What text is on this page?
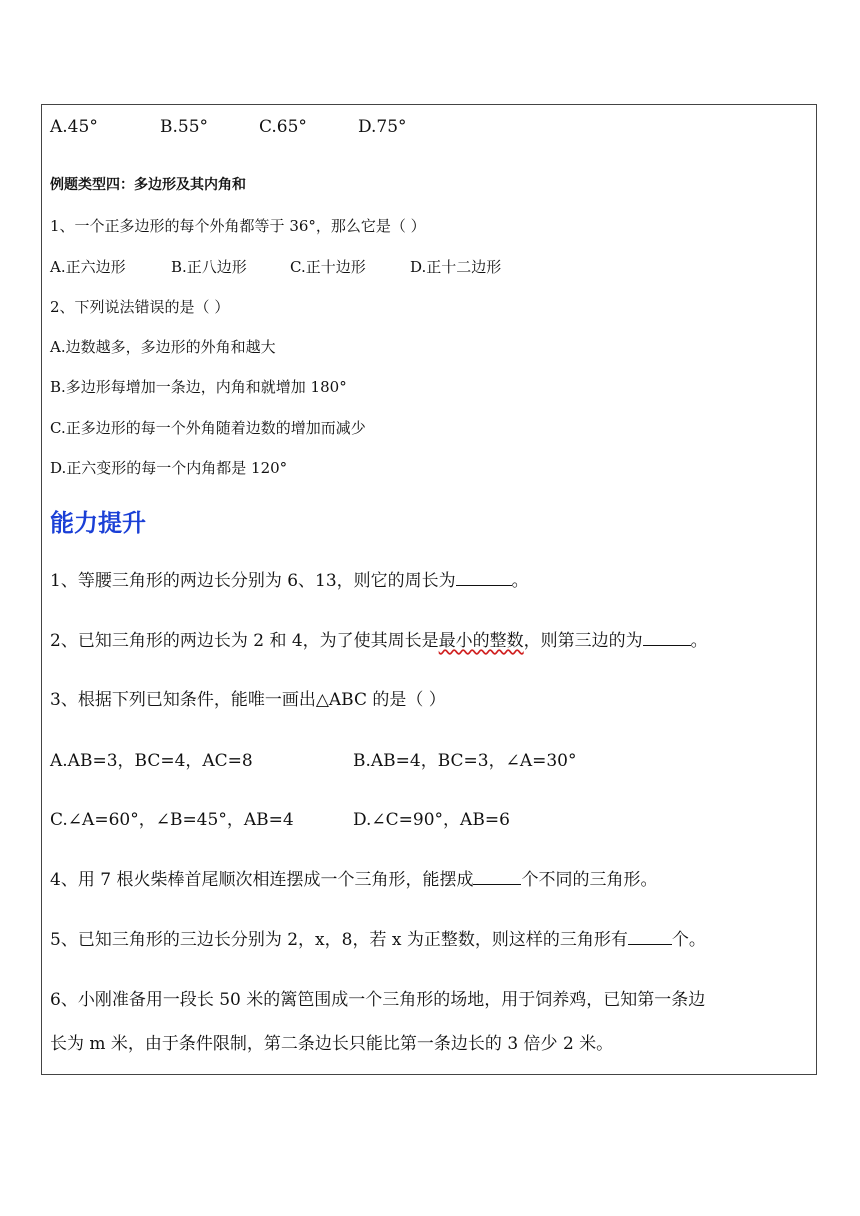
A.45°	B.55°	C.65°	D.75°
例题类型四：多边形及其内角和
1、一个正多边形的每个外角都等于 36°，那么它是（ ）
A.正六边形	B.正八边形	C.正十边形	D.正十二边形
2、下列说法错误的是（ ）
A.边数越多，多边形的外角和越大
B.多边形每增加一条边，内角和就增加 180°
C.正多边形的每一个外角随着边数的增加而减少
D.正六变形的每一个内角都是 120°
能力提升
1、等腰三角形的两边长分别为 6、13，则它的周长为	。
2、已知三角形的两边长为 2 和 4，为了使其周长是最小的整数，则第三边的为	。
3、根据下列已知条件，能唯一画出△ABC 的是（ ）
A.AB=3，BC=4，AC=8	B.AB=4，BC=3，∠A=30°
C.∠A=60°，∠B=45°，AB=4	D.∠C=90°，AB=6
4、用 7 根火柴棒首尾顺次相连摆成一个三角形，能摆成	个不同的三角形。
5、已知三角形的三边长分别为 2，x，8，若 x 为正整数，则这样的三角形有	个。
6、小刚准备用一段长 50 米的篱笆围成一个三角形的场地，用于饲养鸡，已知第一条边
长为 m 米，由于条件限制，第二条边长只能比第一条边长的 3 倍少 2 米。
